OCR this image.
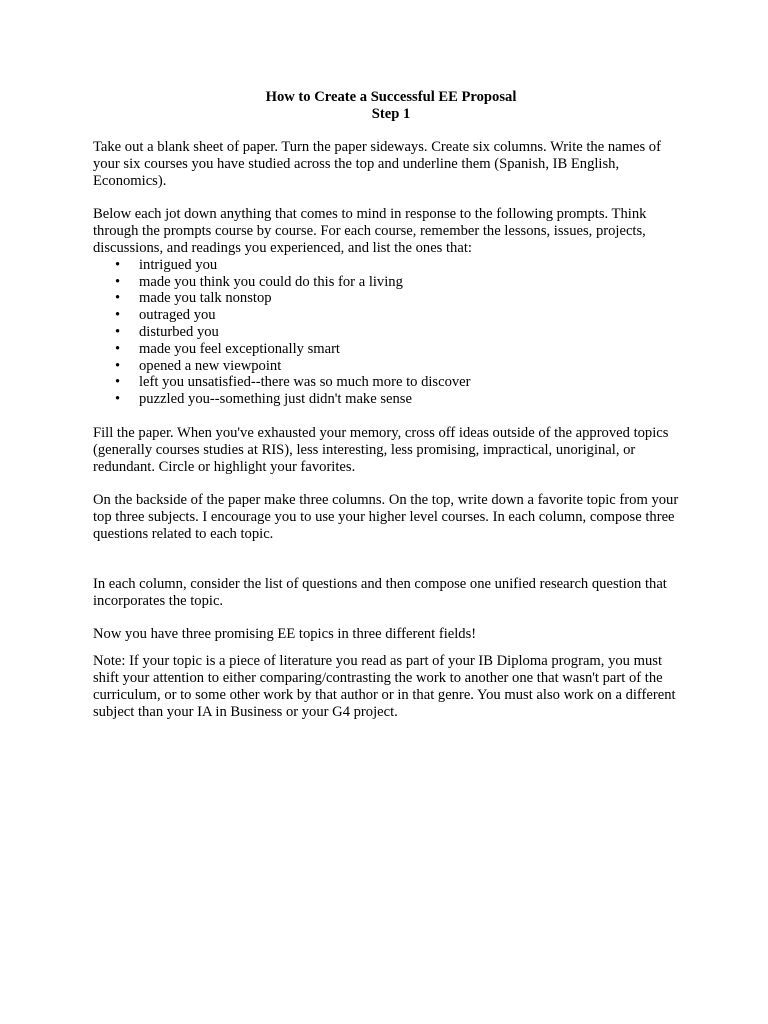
How to Create a Successful EE Proposal
Step 1

Take out a blank sheet of paper. Turn the paper sideways. Create six columns. Write the names of your six courses you have studied across the top and underline them (Spanish, IB English, Economics).

Below each jot down anything that comes to mind in response to the following prompts. Think through the prompts course by course. For each course, remember the lessons, issues, projects, discussions, and readings you experienced, and list the ones that:

• intrigued you
• made you think you could do this for a living
• made you talk nonstop
• outraged you
• disturbed you
• made you feel exceptionally smart
• opened a new viewpoint
• left you unsatisfied--there was so much more to discover
• puzzled you--something just didn't make sense

Fill the paper. When you've exhausted your memory, cross off ideas outside of the approved topics (generally courses studies at RIS), less interesting, less promising, impractical, unoriginal, or redundant. Circle or highlight your favorites.

On the backside of the paper make three columns. On the top, write down a favorite topic from your top three subjects. I encourage you to use your higher level courses. In each column, compose three questions related to each topic.

In each column, consider the list of questions and then compose one unified research question that incorporates the topic.

Now you have three promising EE topics in three different fields!

Note: If your topic is a piece of literature you read as part of your IB Diploma program, you must shift your attention to either comparing/contrasting the work to another one that wasn't part of the curriculum, or to some other work by that author or in that genre. You must also work on a different subject than your IA in Business or your G4 project.
